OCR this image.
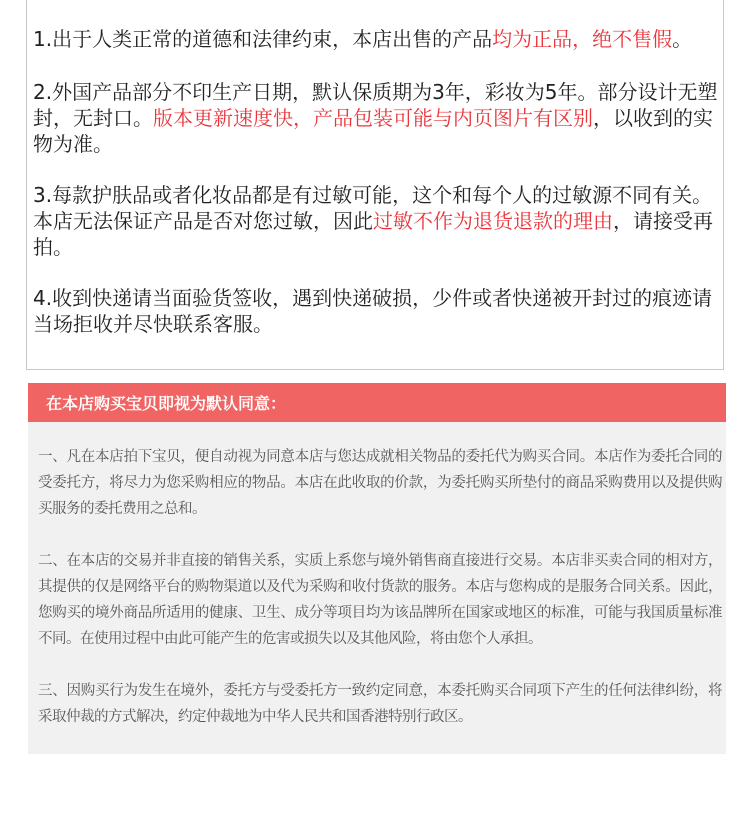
1.出于人类正常的道德和法律约束，本店出售的产品均为正品，绝不售假。

2.外国产品部分不印生产日期，默认保质期为3年，彩妆为5年。部分设计无塑封，无封口。版本更新速度快，产品包装可能与内页图片有区别，以收到的实物为准。

3.每款护肤品或者化妆品都是有过敏可能，这个和每个人的过敏源不同有关。本店无法保证产品是否对您过敏，因此过敏不作为退货退款的理由，请接受再拍。

4.收到快递请当面验货签收，遇到快递破损，少件或者快递被开封过的痕迹请当场拒收并尽快联系客服。

在本店购买宝贝即视为默认同意：

一、凡在本店拍下宝贝，便自动视为同意本店与您达成就相关物品的委托代为购买合同。本店作为委托合同的受委托方，将尽力为您采购相应的物品。本店在此收取的价款，为委托购买所垫付的商品采购费用以及提供购买服务的委托费用之总和。

二、在本店的交易并非直接的销售关系，实质上系您与境外销售商直接进行交易。本店非买卖合同的相对方，其提供的仅是网络平台的购物渠道以及代为采购和收付货款的服务。本店与您构成的是服务合同关系。因此，您购买的境外商品所适用的健康、卫生、成分等项目均为该品牌所在国家或地区的标准，可能与我国质量标准不同。在使用过程中由此可能产生的危害或损失以及其他风险，将由您个人承担。

三、因购买行为发生在境外，委托方与受委托方一致约定同意，本委托购买合同项下产生的任何法律纠纷，将采取仲裁的方式解决，约定仲裁地为中华人民共和国香港特别行政区。
